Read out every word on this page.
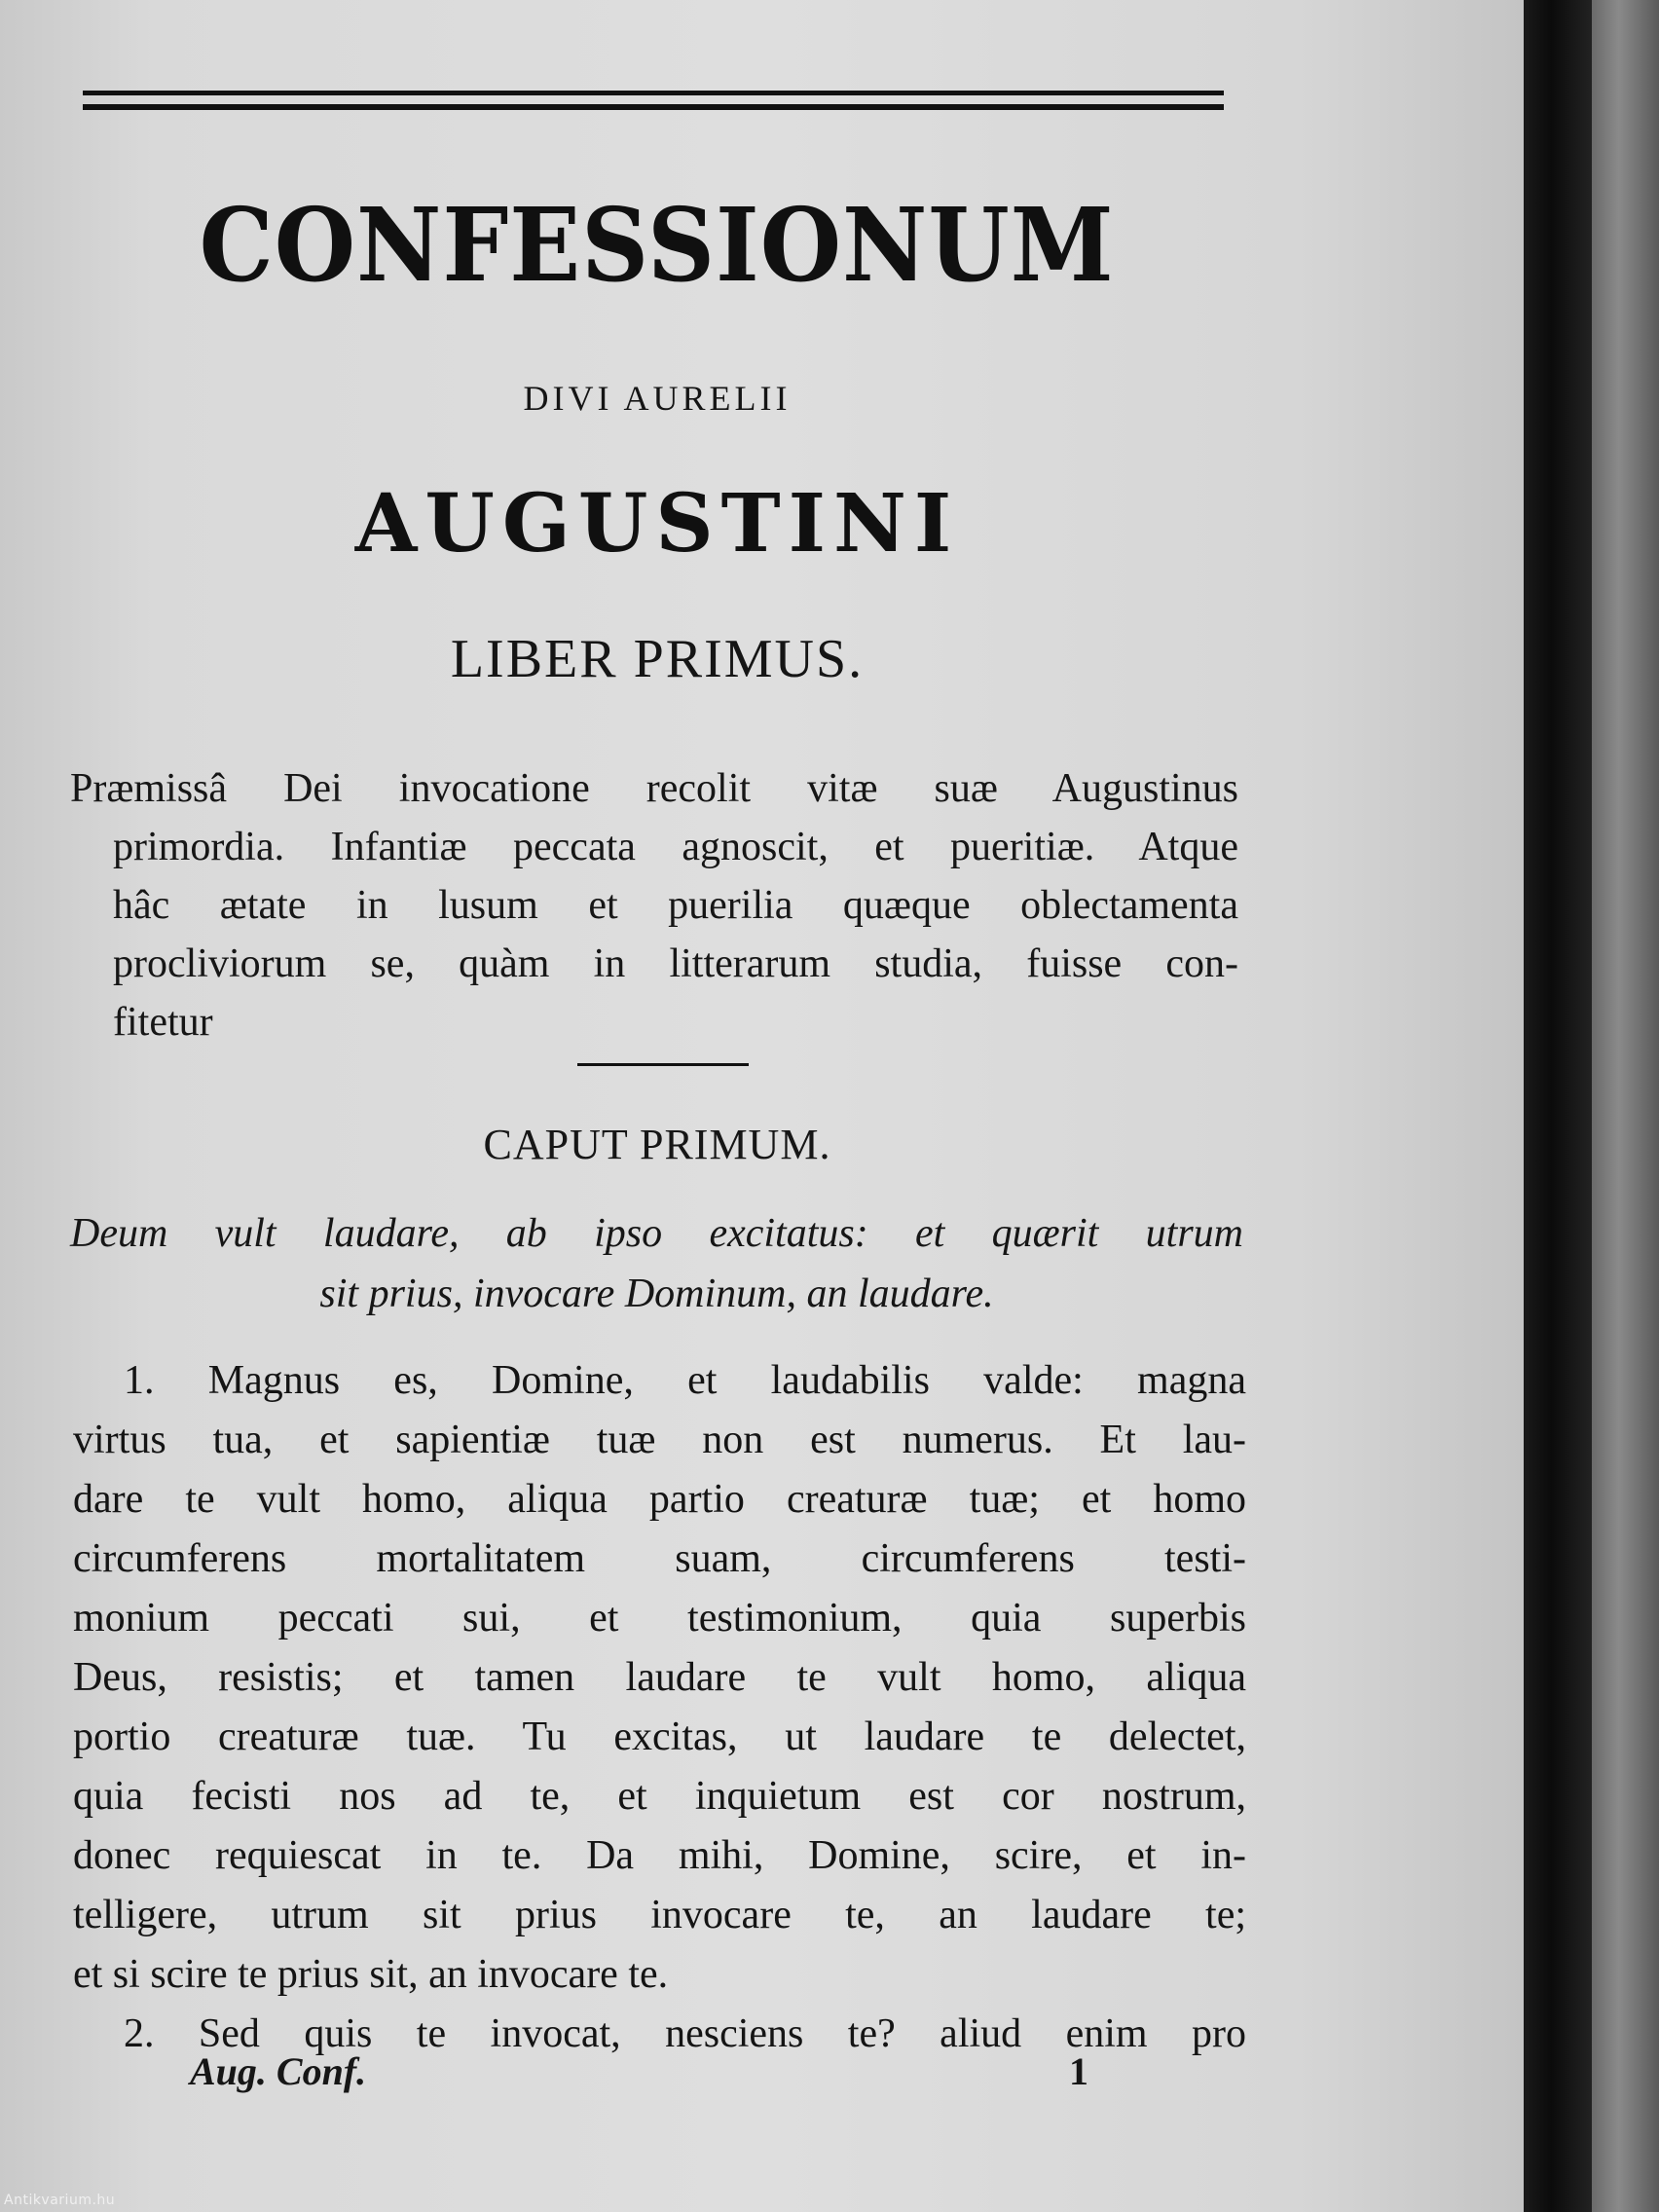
CONFESSIONUM
DIVI AURELII
AUGUSTINI
LIBER PRIMUS.
Præmissâ Dei invocatione recolit vitæ suæ Augustinus
primordia. Infantiæ peccata agnoscit, et pueritiæ. Atque
hâc ætate in lusum et puerilia quæque oblectamenta
procliviorum se, quàm in litterarum studia, fuisse con-
fitetur
CAPUT PRIMUM.
Deum vult laudare, ab ipso excitatus: et quærit utrum
sit prius, invocare Dominum, an laudare.
1. Magnus es, Domine, et laudabilis valde: magna
virtus tua, et sapientiæ tuæ non est numerus. Et lau-
dare te vult homo, aliqua partio creaturæ tuæ; et homo
circumferens mortalitatem suam, circumferens testi-
monium peccati sui, et testimonium, quia superbis
Deus, resistis; et tamen laudare te vult homo, aliqua
portio creaturæ tuæ. Tu excitas, ut laudare te delectet,
quia fecisti nos ad te, et inquietum est cor nostrum,
donec requiescat in te. Da mihi, Domine, scire, et in-
telligere, utrum sit prius invocare te, an laudare te;
et si scire te prius sit, an invocare te.
2. Sed quis te invocat, nesciens te? aliud enim pro
Aug. Conf.	1
Antikvarium.hu
